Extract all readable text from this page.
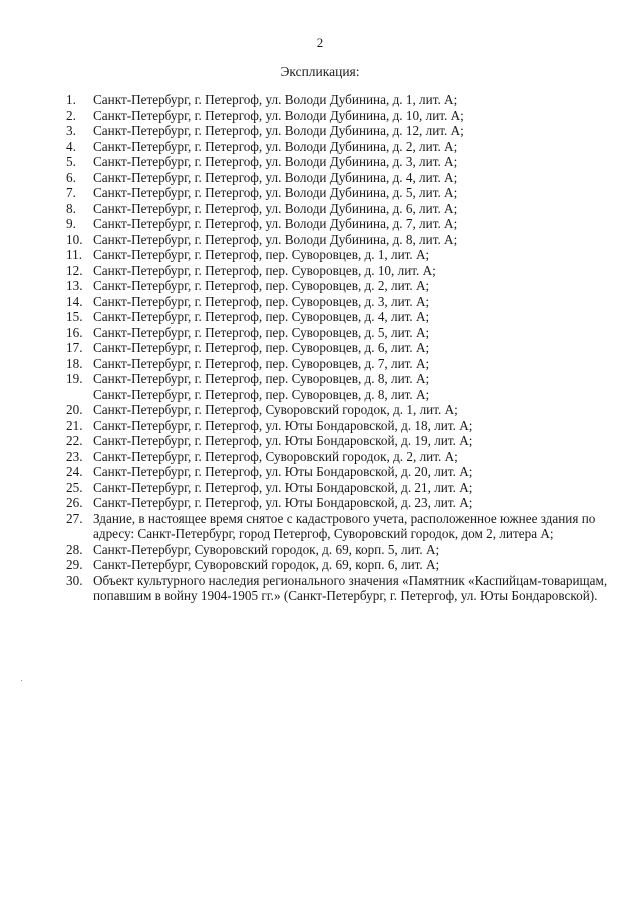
2
Экспликация:
1.	Санкт-Петербург, г. Петергоф, ул. Володи Дубинина, д. 1, лит. А;
2.	Санкт-Петербург, г. Петергоф, ул. Володи Дубинина, д. 10, лит. А;
3.	Санкт-Петербург, г. Петергоф, ул. Володи Дубинина, д. 12, лит. А;
4.	Санкт-Петербург, г. Петергоф, ул. Володи Дубинина, д. 2, лит. А;
5.	Санкт-Петербург, г. Петергоф, ул. Володи Дубинина, д. 3, лит. А;
6.	Санкт-Петербург, г. Петергоф, ул. Володи Дубинина, д. 4, лит. А;
7.	Санкт-Петербург, г. Петергоф, ул. Володи Дубинина, д. 5, лит. А;
8.	Санкт-Петербург, г. Петергоф, ул. Володи Дубинина, д. 6, лит. А;
9.	Санкт-Петербург, г. Петергоф, ул. Володи Дубинина, д. 7, лит. А;
10. Санкт-Петербург, г. Петергоф, ул. Володи Дубинина, д. 8, лит. А;
11. Санкт-Петербург, г. Петергоф, пер. Суворовцев, д. 1, лит. А;
12. Санкт-Петербург, г. Петергоф, пер. Суворовцев, д. 10, лит. А;
13. Санкт-Петербург, г. Петергоф, пер. Суворовцев, д. 2, лит. А;
14. Санкт-Петербург, г. Петергоф, пер. Суворовцев, д. 3, лит. А;
15. Санкт-Петербург, г. Петергоф, пер. Суворовцев, д. 4, лит. А;
16. Санкт-Петербург, г. Петергоф, пер. Суворовцев, д. 5, лит. А;
17. Санкт-Петербург, г. Петергоф, пер. Суворовцев, д. 6, лит. А;
18. Санкт-Петербург, г. Петергоф, пер. Суворовцев, д. 7, лит. А;
19. Санкт-Петербург, г. Петергоф, пер. Суворовцев, д. 8, лит. А;
Санкт-Петербург, г. Петергоф, пер. Суворовцев, д. 8, лит. А;
20. Санкт-Петербург, г. Петергоф, Суворовский городок, д. 1, лит. А;
21. Санкт-Петербург, г. Петергоф, ул. Юты Бондаровской, д. 18, лит. А;
22. Санкт-Петербург, г. Петергоф, ул. Юты Бондаровской, д. 19, лит. А;
23. Санкт-Петербург, г. Петергоф, Суворовский городок, д. 2, лит. А;
24. Санкт-Петербург, г. Петергоф, ул. Юты Бондаровской, д. 20, лит. А;
25. Санкт-Петербург, г. Петергоф, ул. Юты Бондаровской, д. 21, лит. А;
26. Санкт-Петербург, г. Петергоф, ул. Юты Бондаровской, д. 23, лит. А;
27. Здание, в настоящее время снятое с кадастрового учета, расположенное южнее здания по
адресу: Санкт-Петербург, город Петергоф, Суворовский городок, дом 2, литера А;
28. Санкт-Петербург, Суворовский городок, д. 69, корп. 5, лит. А;
29. Санкт-Петербург, Суворовский городок, д. 69, корп. 6, лит. А;
30. Объект культурного наследия регионального значения «Памятник «Каспийцам-товарищам,
попавшим в войну 1904-1905 гг.» (Санкт-Петербург, г. Петергоф, ул. Юты Бондаровской).
